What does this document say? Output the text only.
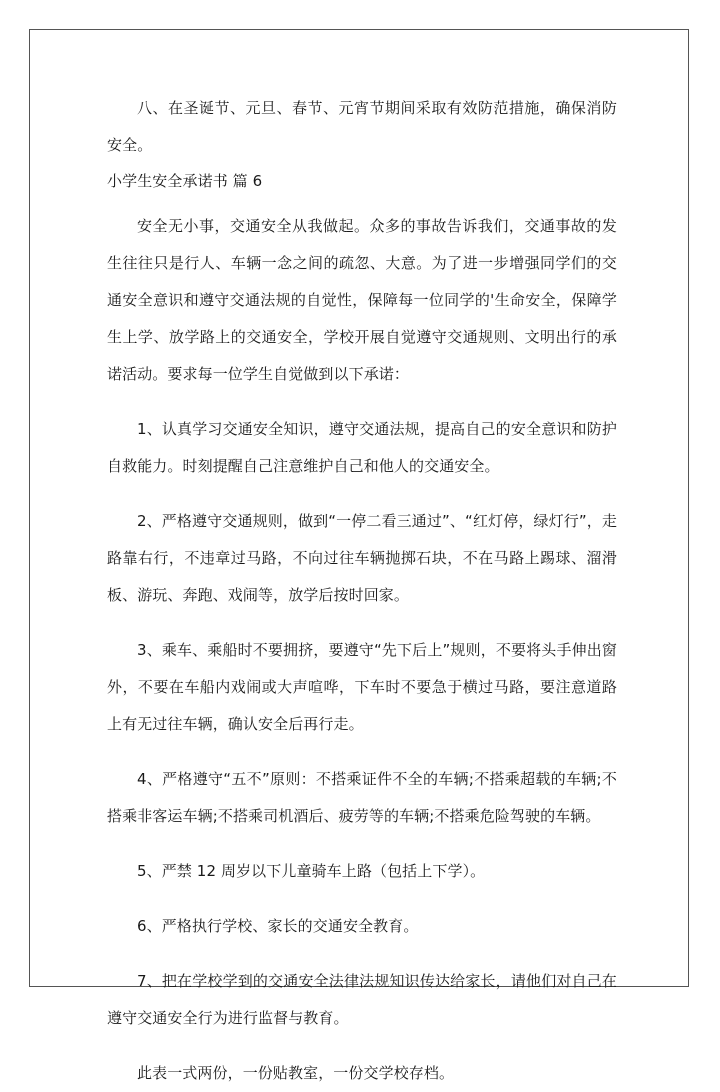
八、在圣诞节、元旦、春节、元宵节期间采取有效防范措施，确保消防安全。

小学生安全承诺书 篇 6

安全无小事，交通安全从我做起。众多的事故告诉我们，交通事故的发生往往只是行人、车辆一念之间的疏忽、大意。为了进一步增强同学们的交通安全意识和遵守交通法规的自觉性，保障每一位同学的'生命安全，保障学生上学、放学路上的交通安全，学校开展自觉遵守交通规则、文明出行的承诺活动。要求每一位学生自觉做到以下承诺：

1、认真学习交通安全知识，遵守交通法规，提高自己的安全意识和防护自救能力。时刻提醒自己注意维护自己和他人的交通安全。

2、严格遵守交通规则，做到“一停二看三通过”、“红灯停，绿灯行”，走路靠右行，不违章过马路，不向过往车辆抛掷石块，不在马路上踢球、溜滑板、游玩、奔跑、戏闹等，放学后按时回家。

3、乘车、乘船时不要拥挤，要遵守“先下后上”规则，不要将头手伸出窗外，不要在车船内戏闹或大声喧哗，下车时不要急于横过马路，要注意道路上有无过往车辆，确认安全后再行走。

4、严格遵守“五不”原则：不搭乘证件不全的车辆;不搭乘超载的车辆;不搭乘非客运车辆;不搭乘司机酒后、疲劳等的车辆;不搭乘危险驾驶的车辆。

5、严禁 12 周岁以下儿童骑车上路（包括上下学）。

6、严格执行学校、家长的交通安全教育。

7、把在学校学到的交通安全法律法规知识传达给家长，请他们对自己在遵守交通安全行为进行监督与教育。

此表一式两份，一份贴教室，一份交学校存档。
